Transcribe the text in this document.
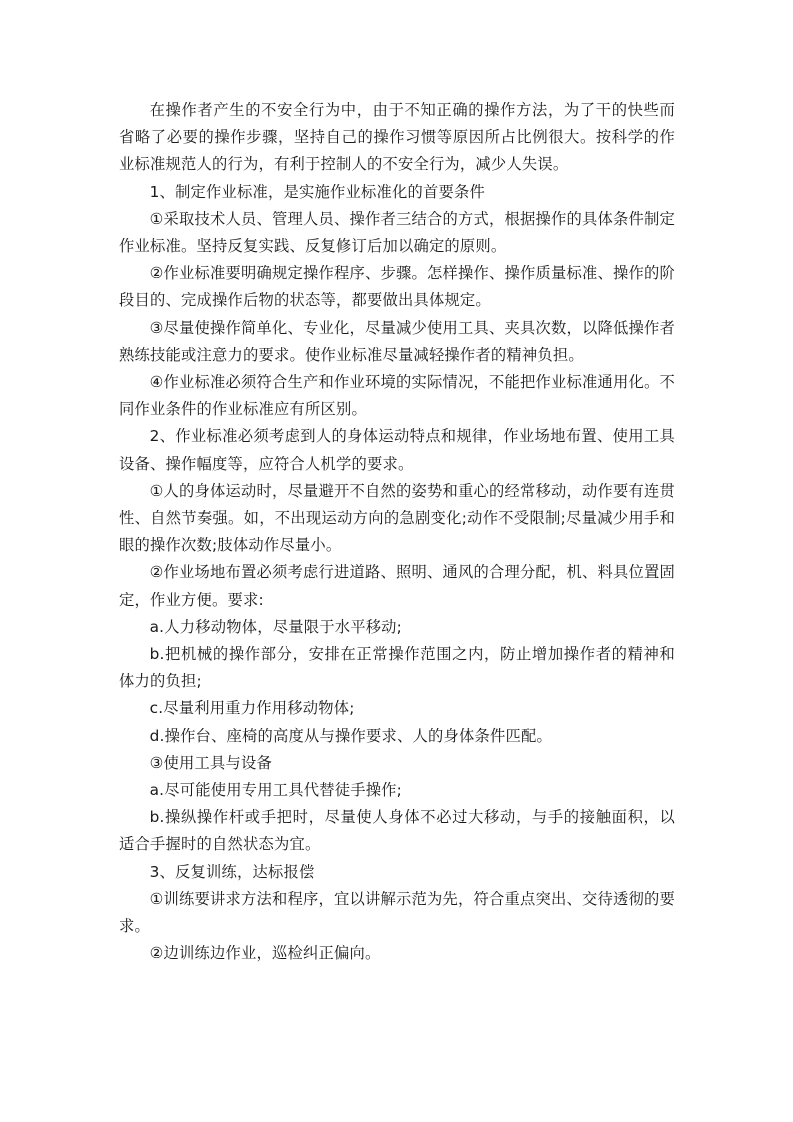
在操作者产生的不安全行为中，由于不知正确的操作方法，为了干的快些而省略了必要的操作步骤，坚持自己的操作习惯等原因所占比例很大。按科学的作业标准规范人的行为，有利于控制人的不安全行为，减少人失误。

1、制定作业标准，是实施作业标准化的首要条件

①采取技术人员、管理人员、操作者三结合的方式，根据操作的具体条件制定作业标准。坚持反复实践、反复修订后加以确定的原则。

②作业标准要明确规定操作程序、步骤。怎样操作、操作质量标准、操作的阶段目的、完成操作后物的状态等，都要做出具体规定。

③尽量使操作简单化、专业化，尽量减少使用工具、夹具次数，以降低操作者熟练技能或注意力的要求。使作业标准尽量减轻操作者的精神负担。

④作业标准必须符合生产和作业环境的实际情况，不能把作业标准通用化。不同作业条件的作业标准应有所区别。

2、作业标准必须考虑到人的身体运动特点和规律，作业场地布置、使用工具设备、操作幅度等，应符合人机学的要求。

①人的身体运动时，尽量避开不自然的姿势和重心的经常移动，动作要有连贯性、自然节奏强。如，不出现运动方向的急剧变化;动作不受限制;尽量减少用手和眼的操作次数;肢体动作尽量小。

②作业场地布置必须考虑行进道路、照明、通风的合理分配，机、料具位置固定，作业方便。要求:

a.人力移动物体，尽量限于水平移动;

b.把机械的操作部分，安排在正常操作范围之内，防止增加操作者的精神和体力的负担;

c.尽量利用重力作用移动物体;

d.操作台、座椅的高度从与操作要求、人的身体条件匹配。

③使用工具与设备

a.尽可能使用专用工具代替徒手操作;

b.操纵操作杆或手把时，尽量使人身体不必过大移动，与手的接触面积，以适合手握时的自然状态为宜。

3、反复训练，达标报偿

①训练要讲求方法和程序，宜以讲解示范为先，符合重点突出、交待透彻的要求。

②边训练边作业，巡检纠正偏向。
